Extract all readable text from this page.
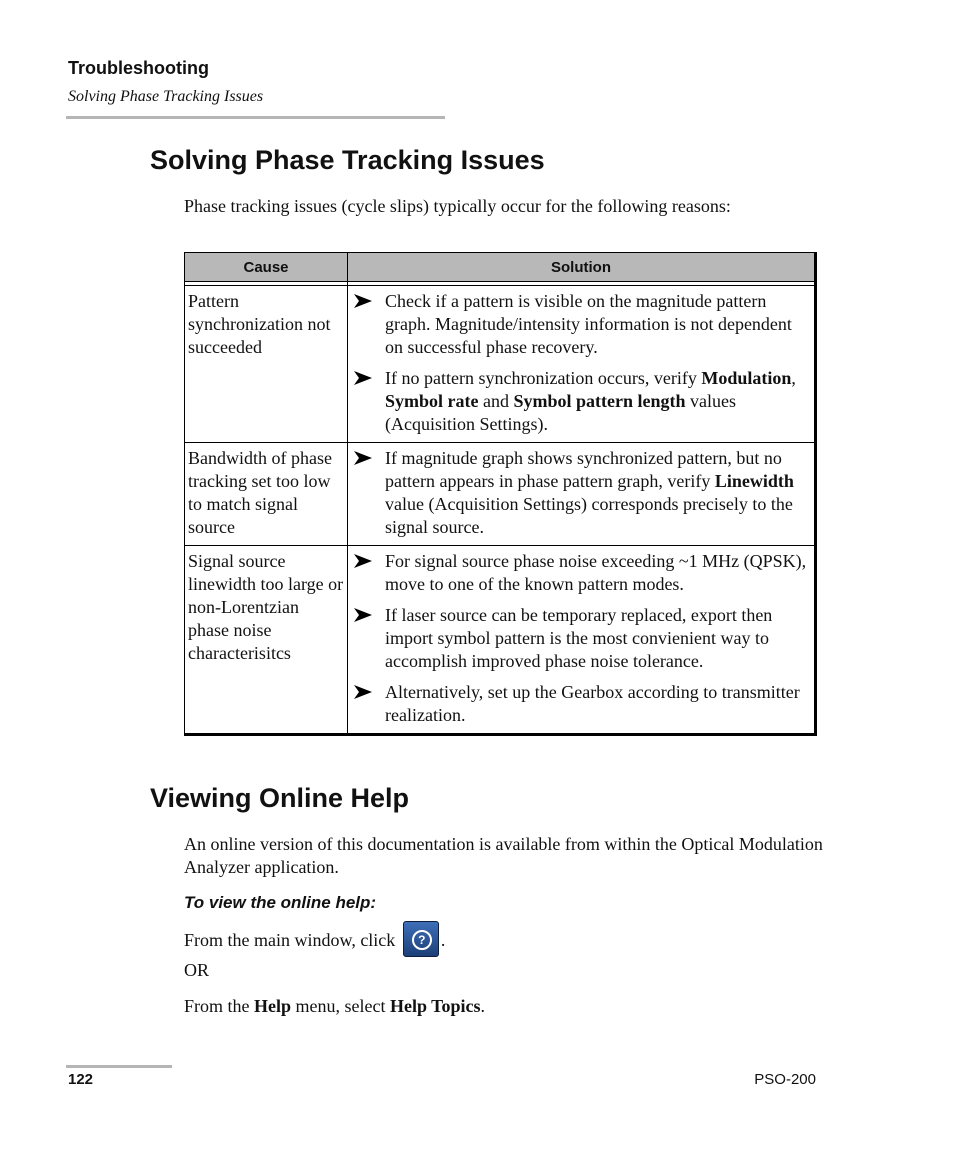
Troubleshooting
Solving Phase Tracking Issues
Solving Phase Tracking Issues

Phase tracking issues (cycle slips) typically occur for the following reasons:

Cause	Solution

Pattern synchronization not succeeded	Check if a pattern is visible on the magnitude pattern graph. Magnitude/intensity information is not dependent on successful phase recovery.
If no pattern synchronization occurs, verify Modulation, Symbol rate and Symbol pattern length values (Acquisition Settings).

Bandwidth of phase tracking set too low to match signal source	If magnitude graph shows synchronized pattern, but no pattern appears in phase pattern graph, verify Linewidth value (Acquisition Settings) corresponds precisely to the signal source.

Signal source linewidth too large or non-Lorentzian phase noise characterisitcs	For signal source phase noise exceeding ~1 MHz (QPSK), move to one of the known pattern modes.
If laser source can be temporary replaced, export then import symbol pattern is the most convienient way to accomplish improved phase noise tolerance.
Alternatively, set up the Gearbox according to transmitter realization.
Viewing Online Help

An online version of this documentation is available from within the Optical Modulation Analyzer application.

To view the online help:

From the main window, click	? .

OR

From the Help menu, select Help Topics.

122	PSO-200
